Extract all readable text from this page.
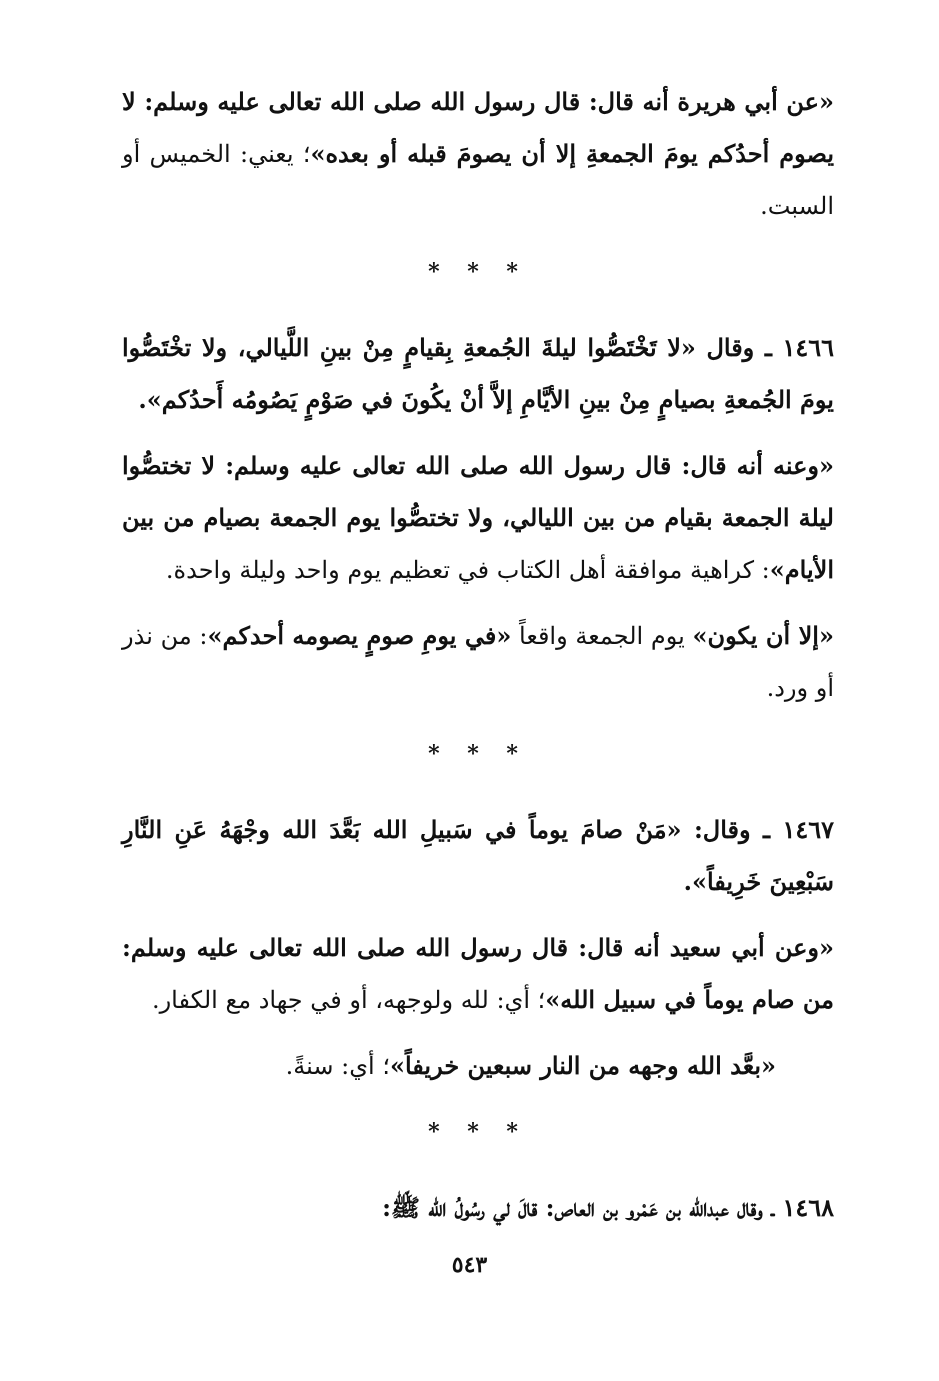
«عن أبي هريرة أنه قال: قال رسول الله صلى الله تعالى عليه وسلم: لا يصوم أحدُكم يومَ الجمعةِ إلا أن يصومَ قبله أو بعده»؛ يعني: الخميس أو السبت.

* * *

١٤٦٦ ـ وقال «لا تَخْتَصُّوا ليلةَ الجُمعةِ بِقيامٍ مِنْ بينِ اللَّيالي، ولا تخْتَصُّوا يومَ الجُمعةِ بصيامٍ مِنْ بينِ الأيَّامِ إلاَّ أنْ يكُونَ في صَوْمٍ يَصُومُه أَحدُكم».

«وعنه أنه قال: قال رسول الله صلى الله تعالى عليه وسلم: لا تختصُّوا ليلة الجمعة بقيام من بين الليالي، ولا تختصُّوا يوم الجمعة بصيام من بين الأيام»: كراهية موافقة أهل الكتاب في تعظيم يوم واحد وليلة واحدة.

«إلا أن يكون» يوم الجمعة واقعاً «في يومِ صومٍ يصومه أحدكم»: من نذر أو ورد.

* * *

١٤٦٧ ـ وقال: «مَنْ صامَ يوماً في سَبيلِ الله بَعَّدَ الله وجْهَهُ عَنِ النَّارِ سَبْعِينَ خَرِيفاً».

«وعن أبي سعيد أنه قال: قال رسول الله صلى الله تعالى عليه وسلم: من صام يوماً في سبيل الله»؛ أي: لله ولوجهه، أو في جهاد مع الكفار.

«بعَّد الله وجهه من النار سبعين خريفاً»؛ أي: سنةً.

* * *

١٤٦٨ ـ وقال عبدالله بن عَمْرو بن العاص: قالَ لي رسُولُ الله ﷺ:

٥٤٣
